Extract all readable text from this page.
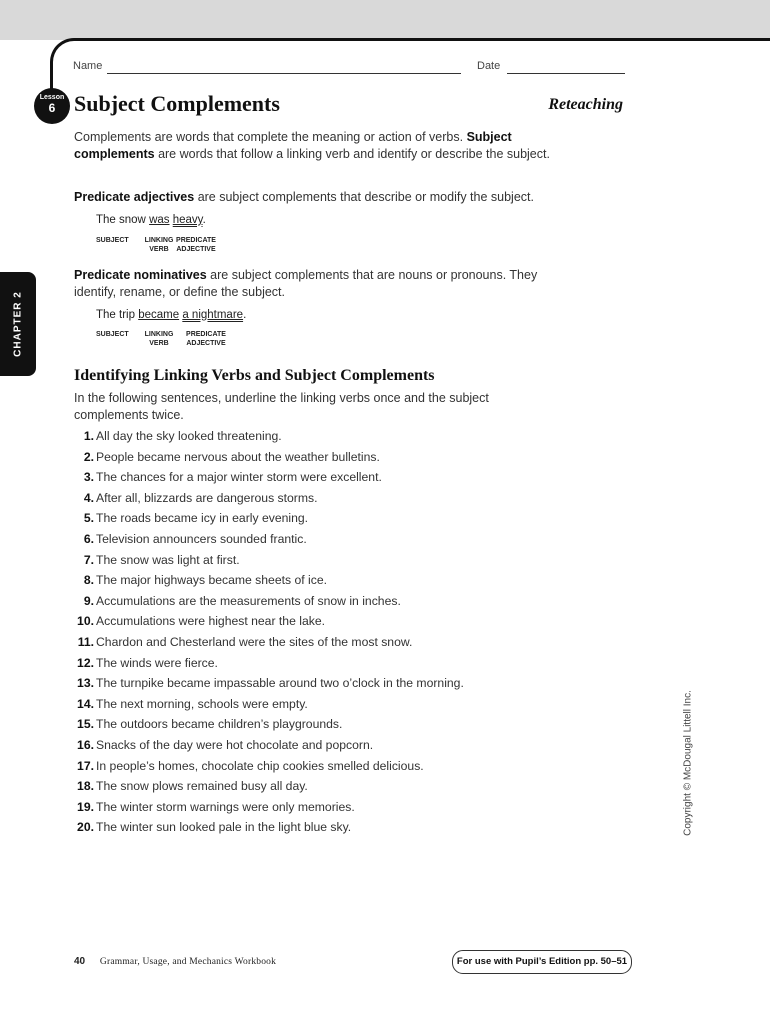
Name	Date
Lesson
6 Subject Complements	Reteaching
CHAPTER 2
Complements are words that complete the meaning or action of verbs. Subject complements are words that follow a linking verb and identify or describe the subject.
Predicate adjectives are subject complements that describe or modify the subject.
The snow was heavy.
SUBJECT	LINKING
VERB
PREDICATE
ADJECTIVE
Predicate nominatives are subject complements that are nouns or pronouns. They identify, rename, or define the subject.
The trip became a nightmare.
SUBJECT	LINKING
VERB
PREDICATE
ADJECTIVE
Identifying Linking Verbs and Subject Complements
In the following sentences, underline the linking verbs once and the subject complements twice.
1. All day the sky looked threatening.
2. People became nervous about the weather bulletins.
3. The chances for a major winter storm were excellent.
4. After all, blizzards are dangerous storms.
5. The roads became icy in early evening.
6. Television announcers sounded frantic.
7. The snow was light at first.
8. The major highways became sheets of ice.
9. Accumulations are the measurements of snow in inches.
10. Accumulations were highest near the lake.
11. Chardon and Chesterland were the sites of the most snow.
12. The winds were fierce.
13. The turnpike became impassable around two o’clock in the morning.
14. The next morning, schools were empty.
15. The outdoors became children’s playgrounds.
16. Snacks of the day were hot chocolate and popcorn.
17. In people’s homes, chocolate chip cookies smelled delicious.
18. The snow plows remained busy all day.
19. The winter storm warnings were only memories.
20. The winter sun looked pale in the light blue sky.	Copyright © McDougal Littell Inc.
40 Grammar, Usage, and Mechanics Workbook	For use with Pupil’s Edition pp. 50–51
